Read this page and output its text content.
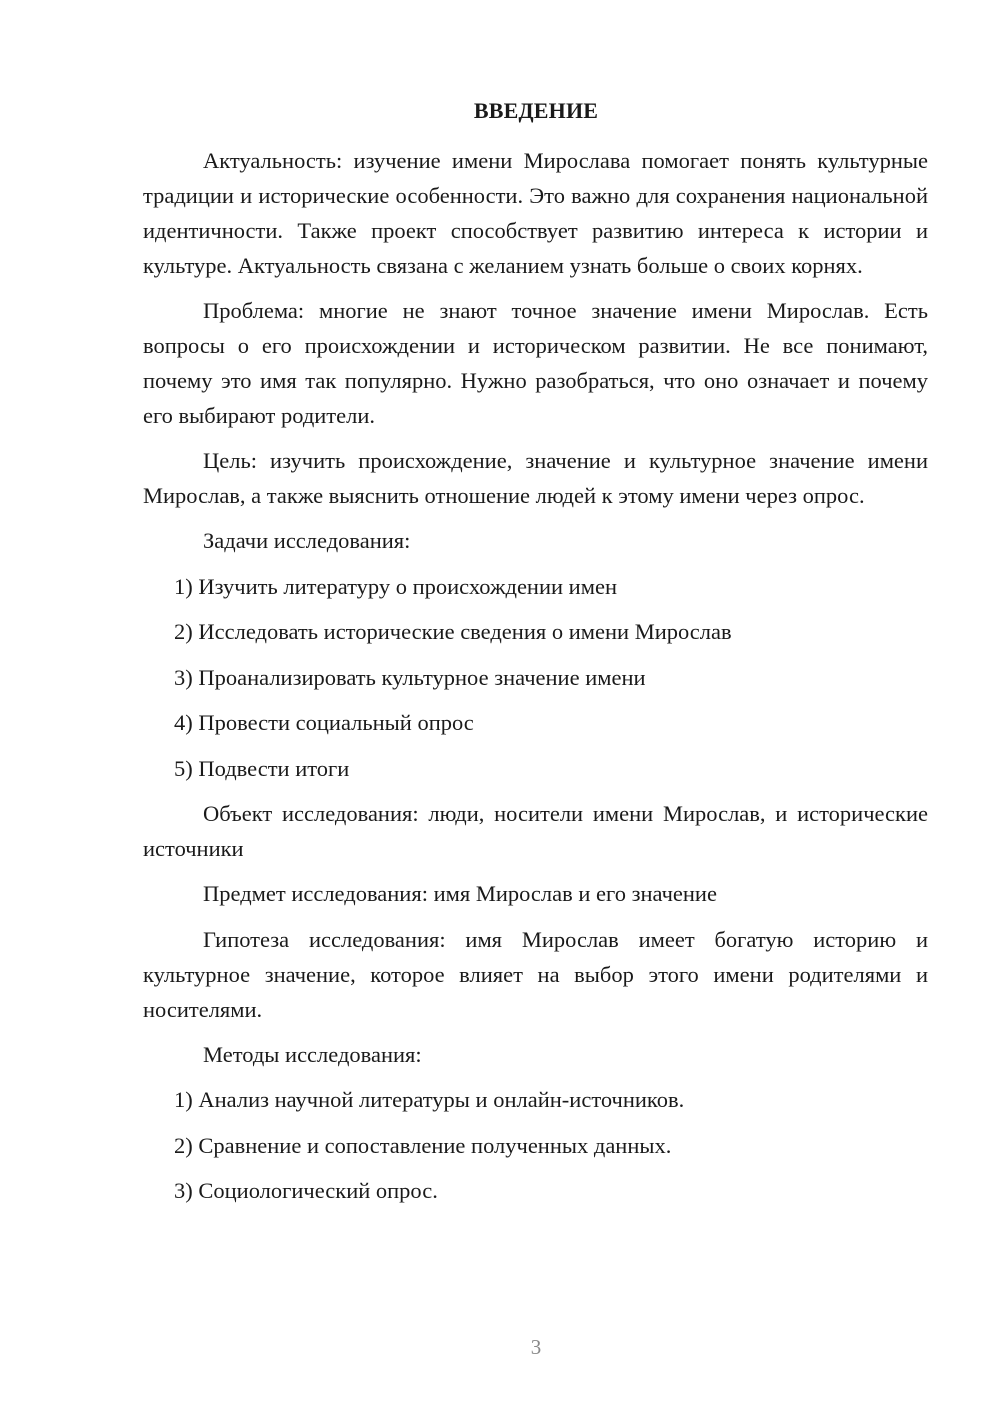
ВВЕДЕНИЕ

Актуальность: изучение имени Мирослава помогает понять культурные традиции и исторические особенности. Это важно для сохранения национальной идентичности. Также проект способствует развитию интереса к истории и культуре. Актуальность связана с желанием узнать больше о своих корнях.

Проблема: многие не знают точное значение имени Мирослав. Есть вопросы о его происхождении и историческом развитии. Не все понимают, почему это имя так популярно. Нужно разобраться, что оно означает и почему его выбирают родители.

Цель: изучить происхождение, значение и культурное значение имени Мирослав, а также выяснить отношение людей к этому имени через опрос.

Задачи исследования:

1) Изучить литературу о происхождении имен

2) Исследовать исторические сведения о имени Мирослав

3) Проанализировать культурное значение имени

4) Провести социальный опрос

5) Подвести итоги

Объект исследования: люди, носители имени Мирослав, и исторические источники

Предмет исследования: имя Мирослав и его значение

Гипотеза исследования: имя Мирослав имеет богатую историю и культурное значение, которое влияет на выбор этого имени родителями и носителями.

Методы исследования:

1) Анализ научной литературы и онлайн-источников.

2) Сравнение и сопоставление полученных данных.

3) Социологический опрос.

3
